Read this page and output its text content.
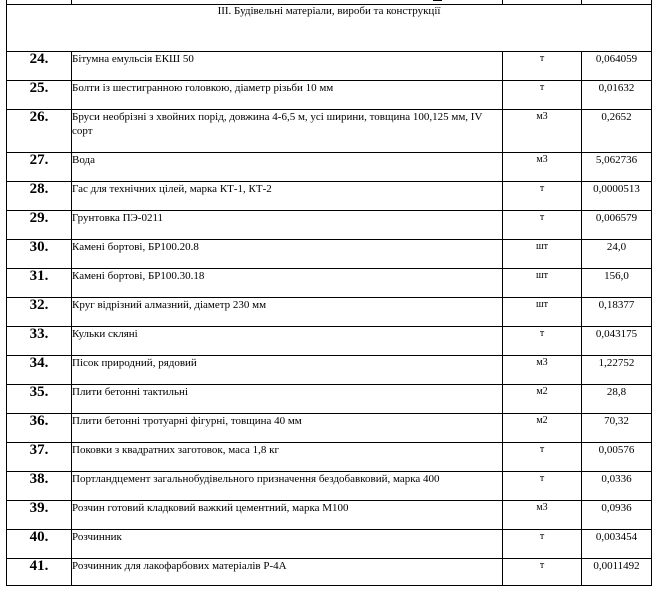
ІІІ. Будівельні матеріали, вироби та конструкції			
24.	Бітумна емульсія ЕКШ 50	т	0,064059
25.	Болти із шестигранною головкою, діаметр різьби 10 мм	т	0,01632
26.	Бруси необрізні з хвойних порід, довжина 4-6,5 м, усі ширини, товщина 100,125 мм, IV сорт	м3	0,2652
27.	Вода	м3	5,062736
28.	Гас для технічних цілей, марка КТ-1, КТ-2	т	0,0000513
29.	Грунтовка ПЭ-0211	т	0,006579
30.	Камені бортові, БР100.20.8	шт	24,0
31.	Камені бортові, БР100.30.18	шт	156,0
32.	Круг відрізний алмазний, діаметр 230 мм	шт	0,18377
33.	Кульки скляні	т	0,043175
34.	Пісок природний, рядовий	м3	1,22752
35.	Плити бетонні тактильні	м2	28,8
36.	Плити бетонні тротуарні фігурні, товщина 40 мм	м2	70,32
37.	Поковки з квадратних заготовок, маса 1,8 кг	т	0,00576
38.	Портландцемент загальнобудівельного призначення бездобавковий, марка 400	т	0,0336
39.	Розчин готовий кладковий важкий цементний, марка М100	м3	0,0936
40.	Розчинник	т	0,003454
41.	Розчинник для лакофарбових матеріалів Р-4А	т	0,0011492
